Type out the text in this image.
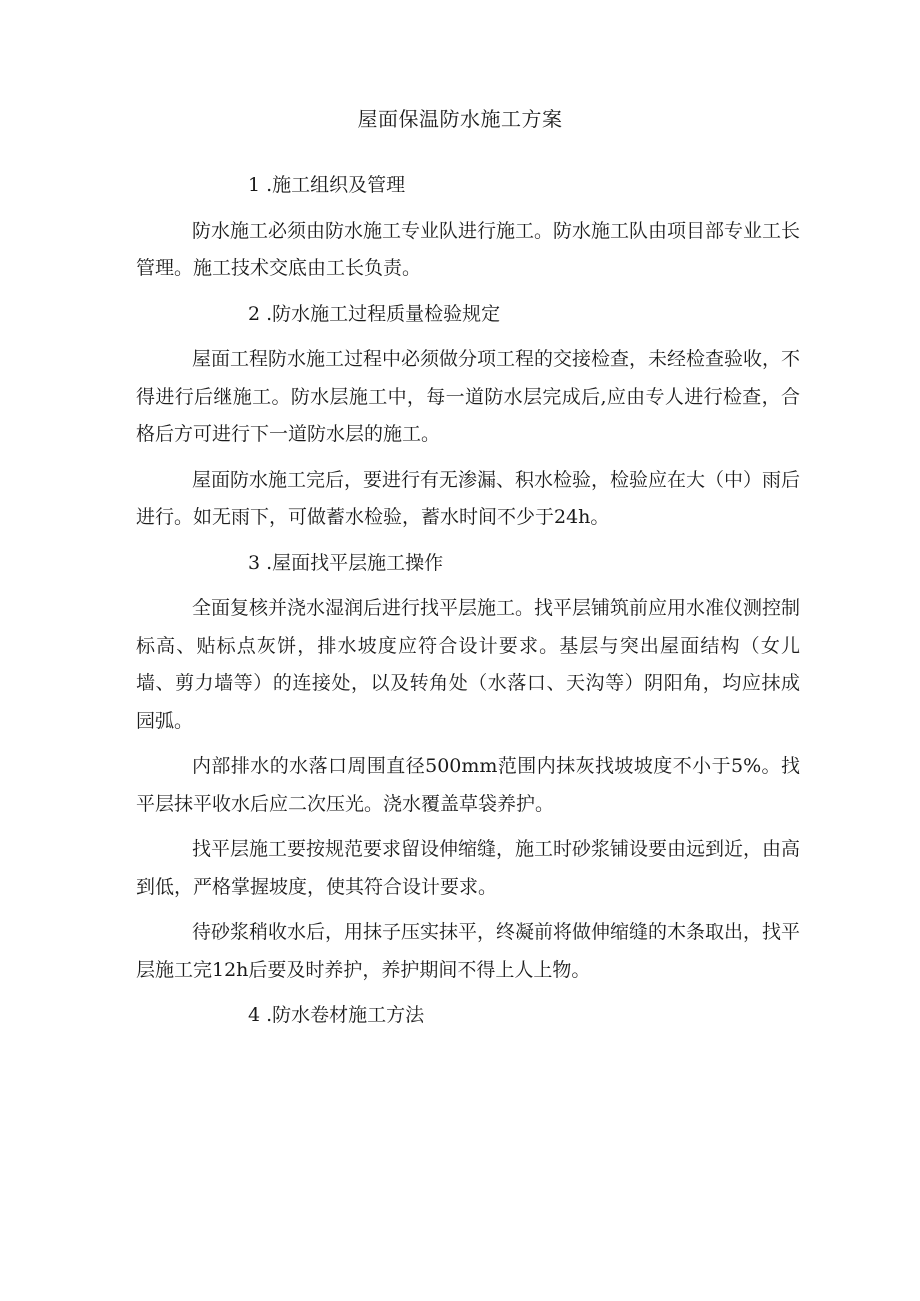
屋面保温防水施工方案

1 .施工组织及管理

防水施工必须由防水施工专业队进行施工。防水施工队由项目部专业工长管理。施工技术交底由工长负责。

2 .防水施工过程质量检验规定

屋面工程防水施工过程中必须做分项工程的交接检查，未经检查验收，不得进行后继施工。防水层施工中，每一道防水层完成后,应由专人进行检查，合格后方可进行下一道防水层的施工。

屋面防水施工完后，要进行有无渗漏、积水检验，检验应在大（中）雨后进行。如无雨下，可做蓄水检验，蓄水时间不少于24h。

3 .屋面找平层施工操作

全面复核并浇水湿润后进行找平层施工。找平层铺筑前应用水准仪测控制标高、贴标点灰饼，排水坡度应符合设计要求。基层与突出屋面结构（女儿墙、剪力墙等）的连接处，以及转角处（水落口、天沟等）阴阳角，均应抹成园弧。

内部排水的水落口周围直径500mm范围内抹灰找坡坡度不小于5%。找平层抹平收水后应二次压光。浇水覆盖草袋养护。

找平层施工要按规范要求留设伸缩缝，施工时砂浆铺设要由远到近，由高到低，严格掌握坡度，使其符合设计要求。

待砂浆稍收水后，用抹子压实抹平，终凝前将做伸缩缝的木条取出，找平层施工完12h后要及时养护，养护期间不得上人上物。

4 .防水卷材施工方法
